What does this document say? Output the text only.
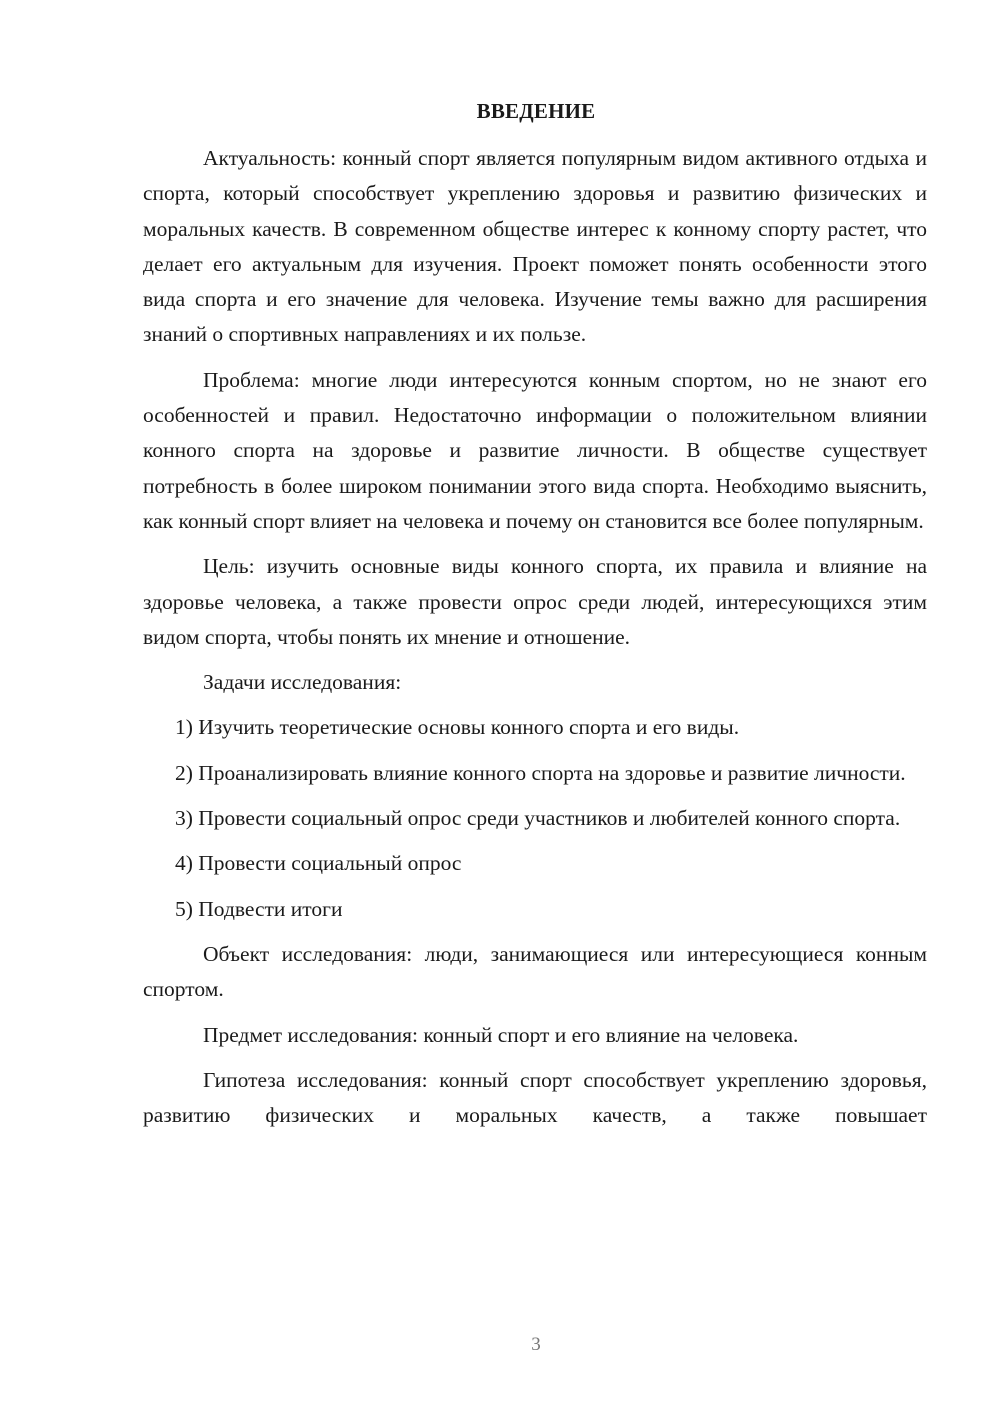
ВВЕДЕНИЕ

Актуальность: конный спорт является популярным видом активного отдыха и спорта, который способствует укреплению здоровья и развитию физических и моральных качеств. В современном обществе интерес к конному спорту растет, что делает его актуальным для изучения. Проект поможет понять особенности этого вида спорта и его значение для человека. Изучение темы важно для расширения знаний о спортивных направлениях и их пользе.

Проблема: многие люди интересуются конным спортом, но не знают его особенностей и правил. Недостаточно информации о положительном влиянии конного спорта на здоровье и развитие личности. В обществе существует потребность в более широком понимании этого вида спорта. Необходимо выяснить, как конный спорт влияет на человека и почему он становится все более популярным.

Цель: изучить основные виды конного спорта, их правила и влияние на здоровье человека, а также провести опрос среди людей, интересующихся этим видом спорта, чтобы понять их мнение и отношение.

Задачи исследования:

1) Изучить теоретические основы конного спорта и его виды.

2) Проанализировать влияние конного спорта на здоровье и развитие личности.

3) Провести социальный опрос среди участников и любителей конного спорта.

4) Провести социальный опрос

5) Подвести итоги

Объект исследования: люди, занимающиеся или интересующиеся конным спортом.

Предмет исследования: конный спорт и его влияние на человека.

Гипотеза исследования: конный спорт способствует укреплению здоровья, развитию физических и моральных качеств, а также повышает

3
